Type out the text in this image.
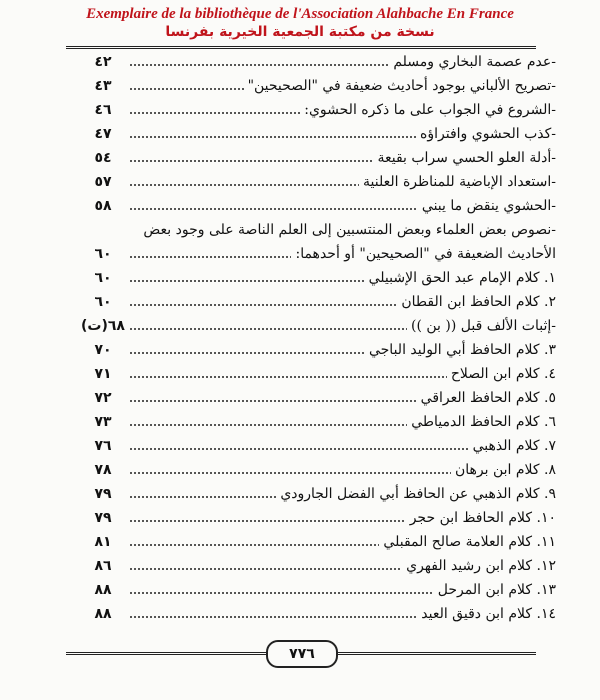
Exemplaire de la bibliothèque de l'Association Alahbache En France
نسخة من مكتبة الجمعية الخيرية بفرنسا
-عدم عصمة البخاري ومسلم
٤٢
-تصريح الألباني بوجود أحاديث ضعيفة في "الصحيحين"
٤٣
-الشروع في الجواب على ما ذكره الحشوي:
٤٦
-كذب الحشوي وافتراؤه
٤٧
-أدلة العلو الحسي سراب بقيعة
٥٤
-استعداد الإباضية للمناظرة العلنية
٥٧
-الحشوي ينقض ما يبني
٥٨
-نصوص بعض العلماء وبعض المنتسبين إلى العلم الناصة على وجود بعض
الأحاديث الضعيفة في "الصحيحين" أو أحدهما:
٦٠
١. كلام الإمام عبد الحق الإشبيلي
٦٠
٢. كلام الحافظ ابن القطان
٦٠
-إثبات الألف قبل (( بن ))
٦٨(ت)
٣. كلام الحافظ أبي الوليد الباجي
٧٠
٤. كلام ابن الصلاح
٧١
٥. كلام الحافظ العراقي
٧٢
٦. كلام الحافظ الدمياطي
٧٣
٧. كلام الذهبي
٧٦
٨. كلام ابن برهان
٧٨
٩. كلام الذهبي عن الحافظ أبي الفضل الجارودي
٧٩
١٠. كلام الحافظ ابن حجر
٧٩
١١. كلام العلامة صالح المقبلي
٨١
١٢. كلام ابن رشيد الفهري
٨٦
١٣. كلام ابن المرحل
٨٨
١٤. كلام ابن دقيق العيد
٨٨
٧٧٦
